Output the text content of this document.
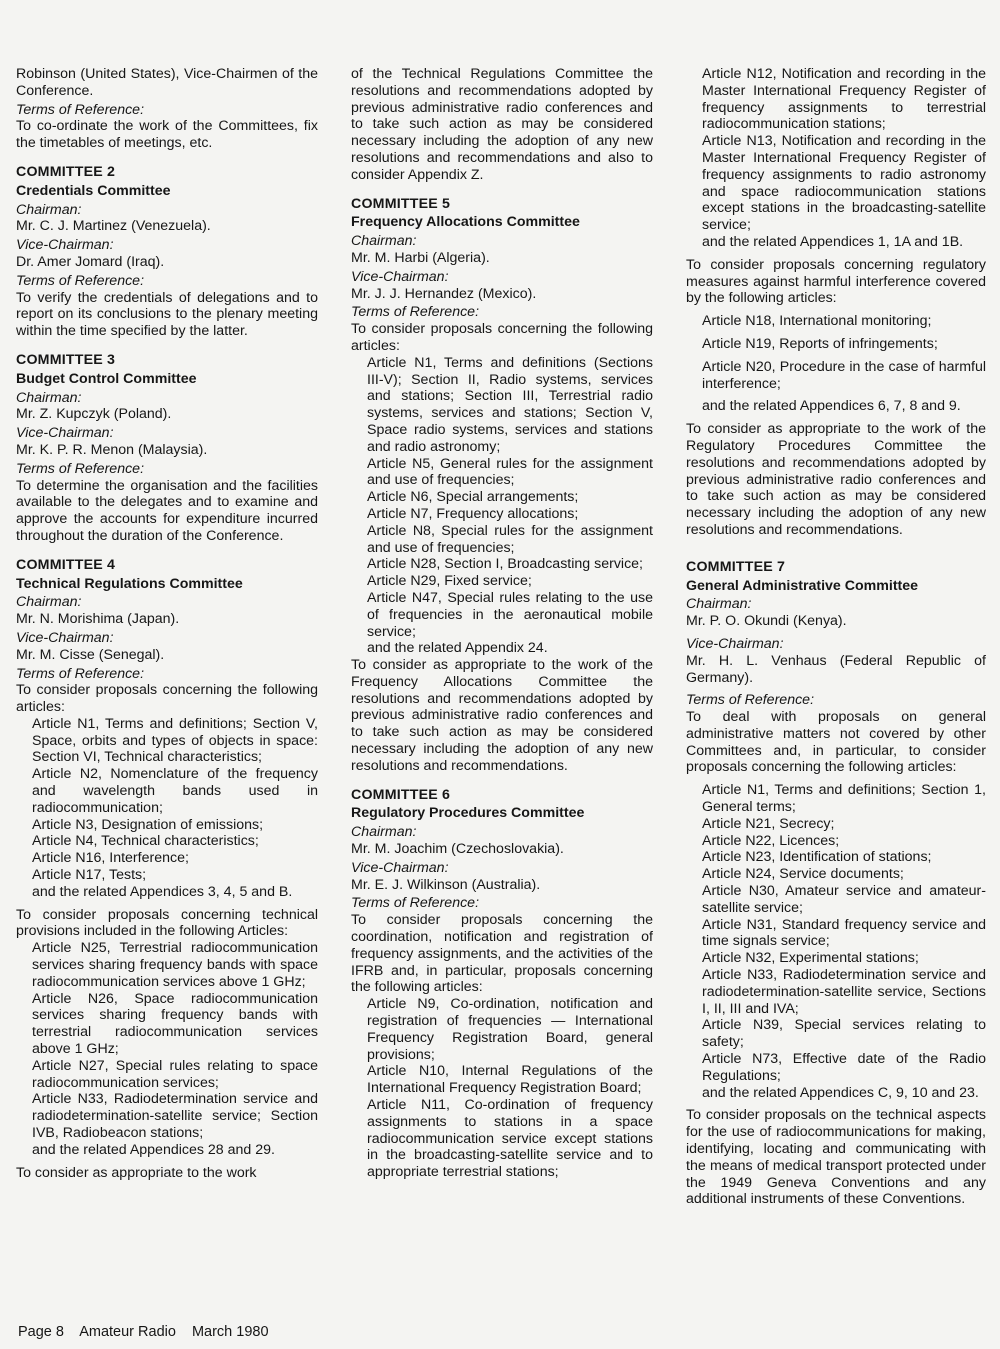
Robinson (United States), Vice-Chairmen of the Conference.

Terms of Reference:

To co-ordinate the work of the Committees, fix the timetables of meetings, etc.

COMMITTEE 2
Credentials Committee

Chairman:

Mr. C. J. Martinez (Venezuela).

Vice-Chairman:

Dr. Amer Jomard (Iraq).

Terms of Reference:

To verify the credentials of delegations and to report on its conclusions to the plenary meeting within the time specified by the latter.

COMMITTEE 3
Budget Control Committee

Chairman:

Mr. Z. Kupczyk (Poland).

Vice-Chairman:

Mr. K. P. R. Menon (Malaysia).

Terms of Reference:

To determine the organisation and the facilities available to the delegates and to examine and approve the accounts for expenditure incurred throughout the duration of the Conference.

COMMITTEE 4
Technical Regulations Committee

Chairman:

Mr. N. Morishima (Japan).

Vice-Chairman:

Mr. M. Cisse (Senegal).

Terms of Reference:

To consider proposals concerning the following articles:

Article N1, Terms and definitions; Section V, Space, orbits and types of objects in space: Section VI, Technical characteristics;

Article N2, Nomenclature of the frequency and wavelength bands used in radiocommunication;

Article N3, Designation of emissions;

Article N4, Technical characteristics;

Article N16, Interference;

Article N17, Tests;

and the related Appendices 3, 4, 5 and B.

To consider proposals concerning technical provisions included in the following Articles:

Article N25, Terrestrial radiocommunication services sharing frequency bands with space radiocommunication services above 1 GHz;

Article N26, Space radiocommunication services sharing frequency bands with terrestrial radiocommunication services above 1 GHz;

Article N27, Special rules relating to space radiocommunication services;

Article N33, Radiodetermination service and radiodetermination-satellite service; Section IVB, Radiobeacon stations;

and the related Appendices 28 and 29.

To consider as appropriate to the work

of the Technical Regulations Committee the resolutions and recommendations adopted by previous administrative radio conferences and to take such action as may be considered necessary including the adoption of any new resolutions and recommendations and also to consider Appendix Z.

COMMITTEE 5
Frequency Allocations Committee

Chairman:

Mr. M. Harbi (Algeria).

Vice-Chairman:

Mr. J. J. Hernandez (Mexico).

Terms of Reference:

To consider proposals concerning the following articles:

Article N1, Terms and definitions (Sections III-V); Section II, Radio systems, services and stations; Section III, Terrestrial radio systems, services and stations; Section V, Space radio systems, services and stations and radio astronomy;

Article N5, General rules for the assignment and use of frequencies;

Article N6, Special arrangements;

Article N7, Frequency allocations;

Article N8, Special rules for the assignment and use of frequencies;

Article N28, Section I, Broadcasting service;

Article N29, Fixed service;

Article N47, Special rules relating to the use of frequencies in the aeronautical mobile service;

and the related Appendix 24.

To consider as appropriate to the work of the Frequency Allocations Committee the resolutions and recommendations adopted by previous administrative radio conferences and to take such action as may be considered necessary including the adoption of any new resolutions and recommendations.

COMMITTEE 6
Regulatory Procedures Committee

Chairman:

Mr. M. Joachim (Czechoslovakia).

Vice-Chairman:

Mr. E. J. Wilkinson (Australia).

Terms of Reference:

To consider proposals concerning the coordination, notification and registration of frequency assignments, and the activities of the IFRB and, in particular, proposals concerning the following articles:

Article N9, Co-ordination, notification and registration of frequencies — International Frequency Registration Board, general provisions;

Article N10, Internal Regulations of the International Frequency Registration Board;

Article N11, Co-ordination of frequency assignments to stations in a space radiocommunication service except stations in the broadcasting-satellite service and to appropriate terrestrial stations;

Article N12, Notification and recording in the Master International Frequency Register of frequency assignments to terrestrial radiocommunication stations;

Article N13, Notification and recording in the Master International Frequency Register of frequency assignments to radio astronomy and space radiocommunication stations except stations in the broadcasting-satellite service;

and the related Appendices 1, 1A and 1B.

To consider proposals concerning regulatory measures against harmful interference covered by the following articles:

Article N18, International monitoring;

Article N19, Reports of infringements;

Article N20, Procedure in the case of harmful interference;

and the related Appendices 6, 7, 8 and 9.

To consider as appropriate to the work of the Regulatory Procedures Committee the resolutions and recommendations adopted by previous administrative radio conferences and to take such action as may be considered necessary including the adoption of any new resolutions and recommendations.

COMMITTEE 7
General Administrative Committee

Chairman:

Mr. P. O. Okundi (Kenya).

Vice-Chairman:

Mr. H. L. Venhaus (Federal Republic of Germany).

Terms of Reference:

To deal with proposals on general administrative matters not covered by other Committees and, in particular, to consider proposals concerning the following articles:

Article N1, Terms and definitions; Section 1, General terms;

Article N21, Secrecy;

Article N22, Licences;

Article N23, Identification of stations;

Article N24, Service documents;

Article N30, Amateur service and amateur-satellite service;

Article N31, Standard frequency service and time signals service;

Article N32, Experimental stations;

Article N33, Radiodetermination service and radiodetermination-satellite service, Sections I, II, III and IVA;

Article N39, Special services relating to safety;

Article N73, Effective date of the Radio Regulations;

and the related Appendices C, 9, 10 and 23.

To consider proposals on the technical aspects for the use of radiocommunications for making, identifying, locating and communicating with the means of medical transport protected under the 1949 Geneva Conventions and any additional instruments of these Conventions.

Page 8 Amateur Radio March 1980
